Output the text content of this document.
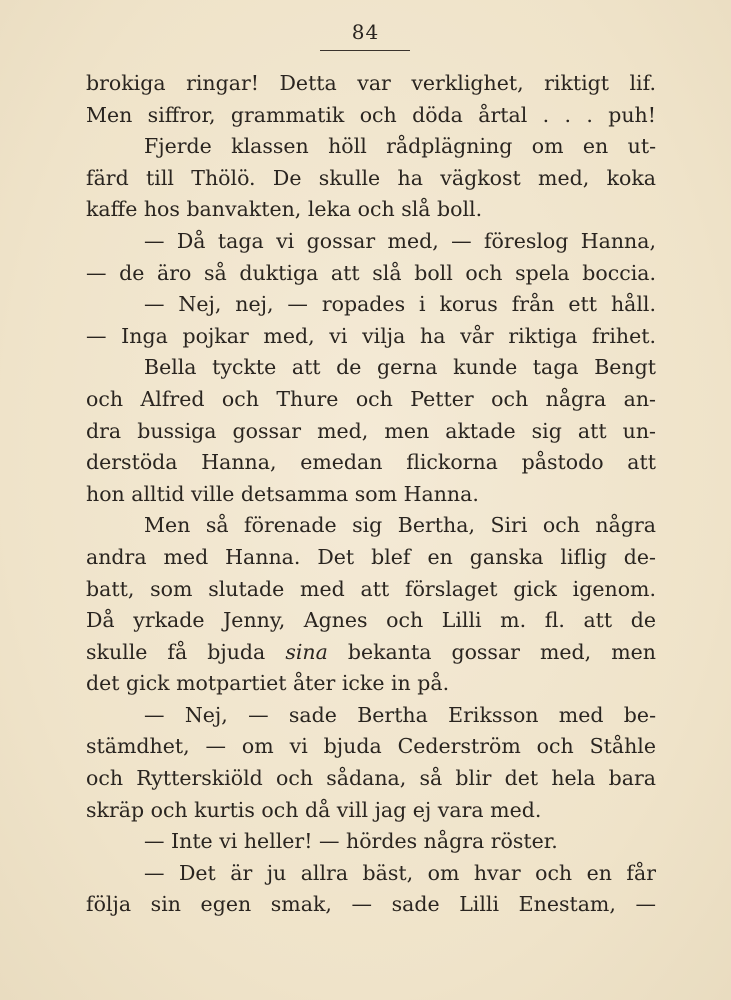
84
brokiga ringar! Detta var verklighet, riktigt lif.
Men siffror, grammatik och döda årtal . . . puh!
Fjerde klassen höll rådplägning om en ut-
färd till Thölö. De skulle ha vägkost med, koka
kaffe hos banvakten, leka och slå boll.
— Då taga vi gossar med, — föreslog Hanna,
— de äro så duktiga att slå boll och spela boccia.
— Nej, nej, — ropades i korus från ett håll.
— Inga pojkar med, vi vilja ha vår riktiga frihet.
Bella tyckte att de gerna kunde taga Bengt
och Alfred och Thure och Petter och några an-
dra bussiga gossar med, men aktade sig att un-
derstöda Hanna, emedan flickorna påstodo att
hon alltid ville detsamma som Hanna.
Men så förenade sig Bertha, Siri och några
andra med Hanna. Det blef en ganska liflig de-
batt, som slutade med att förslaget gick igenom.
Då yrkade Jenny, Agnes och Lilli m. fl. att de
skulle få bjuda sina bekanta gossar med, men
det gick motpartiet åter icke in på.
— Nej, — sade Bertha Eriksson med be-
stämdhet, — om vi bjuda Cederström och Ståhle
och Rytterskiöld och sådana, så blir det hela bara
skräp och kurtis och då vill jag ej vara med.
— Inte vi heller! — hördes några röster.
— Det är ju allra bäst, om hvar och en får
följa sin egen smak, — sade Lilli Enestam, —
